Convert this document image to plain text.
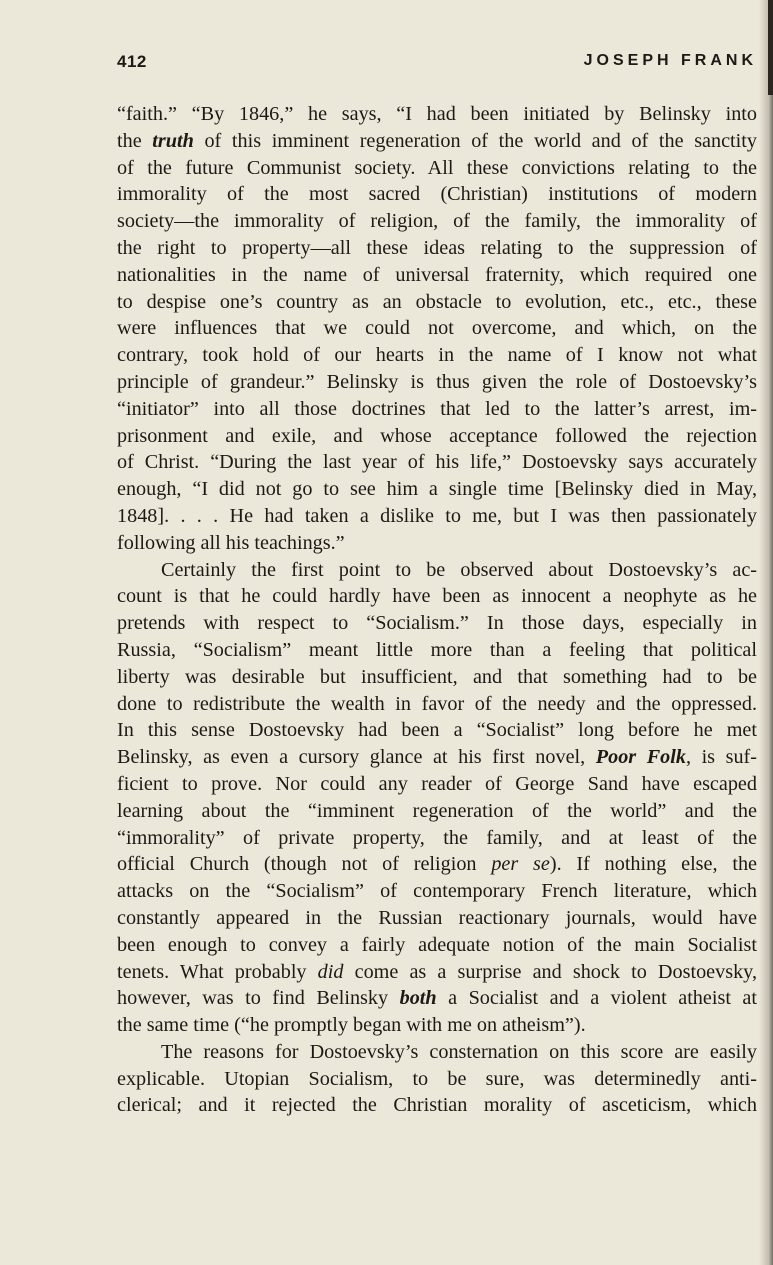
412	JOSEPH FRANK
“faith.” “By 1846,” he says, “I had been initiated by Belinsky into
the truth of this imminent regeneration of the world and of the sanctity
of the future Communist society. All these convictions relating to the
immorality of the most sacred (Christian) institutions of modern
society—the immorality of religion, of the family, the immorality of
the right to property—all these ideas relating to the suppression of
nationalities in the name of universal fraternity, which required one
to despise one’s country as an obstacle to evolution, etc., etc., these
were influences that we could not overcome, and which, on the
contrary, took hold of our hearts in the name of I know not what
principle of grandeur.” Belinsky is thus given the role of Dostoevsky’s
“initiator” into all those doctrines that led to the latter’s arrest, im-
prisonment and exile, and whose acceptance followed the rejection
of Christ. “During the last year of his life,” Dostoevsky says accurately
enough, “I did not go to see him a single time [Belinsky died in May,
1848]. . . . He had taken a dislike to me, but I was then passionately
following all his teachings.”
Certainly the first point to be observed about Dostoevsky’s ac-
count is that he could hardly have been as innocent a neophyte as he
pretends with respect to “Socialism.” In those days, especially in
Russia, “Socialism” meant little more than a feeling that political
liberty was desirable but insufficient, and that something had to be
done to redistribute the wealth in favor of the needy and the oppressed.
In this sense Dostoevsky had been a “Socialist” long before he met
Belinsky, as even a cursory glance at his first novel, Poor Folk, is suf-
ficient to prove. Nor could any reader of George Sand have escaped
learning about the “imminent regeneration of the world” and the
“immorality” of private property, the family, and at least of the
official Church (though not of religion per se). If nothing else, the
attacks on the “Socialism” of contemporary French literature, which
constantly appeared in the Russian reactionary journals, would have
been enough to convey a fairly adequate notion of the main Socialist
tenets. What probably did come as a surprise and shock to Dostoevsky,
however, was to find Belinsky both a Socialist and a violent atheist at
the same time (“he promptly began with me on atheism”).
The reasons for Dostoevsky’s consternation on this score are easily
explicable. Utopian Socialism, to be sure, was determinedly anti-
clerical; and it rejected the Christian morality of asceticism, which
